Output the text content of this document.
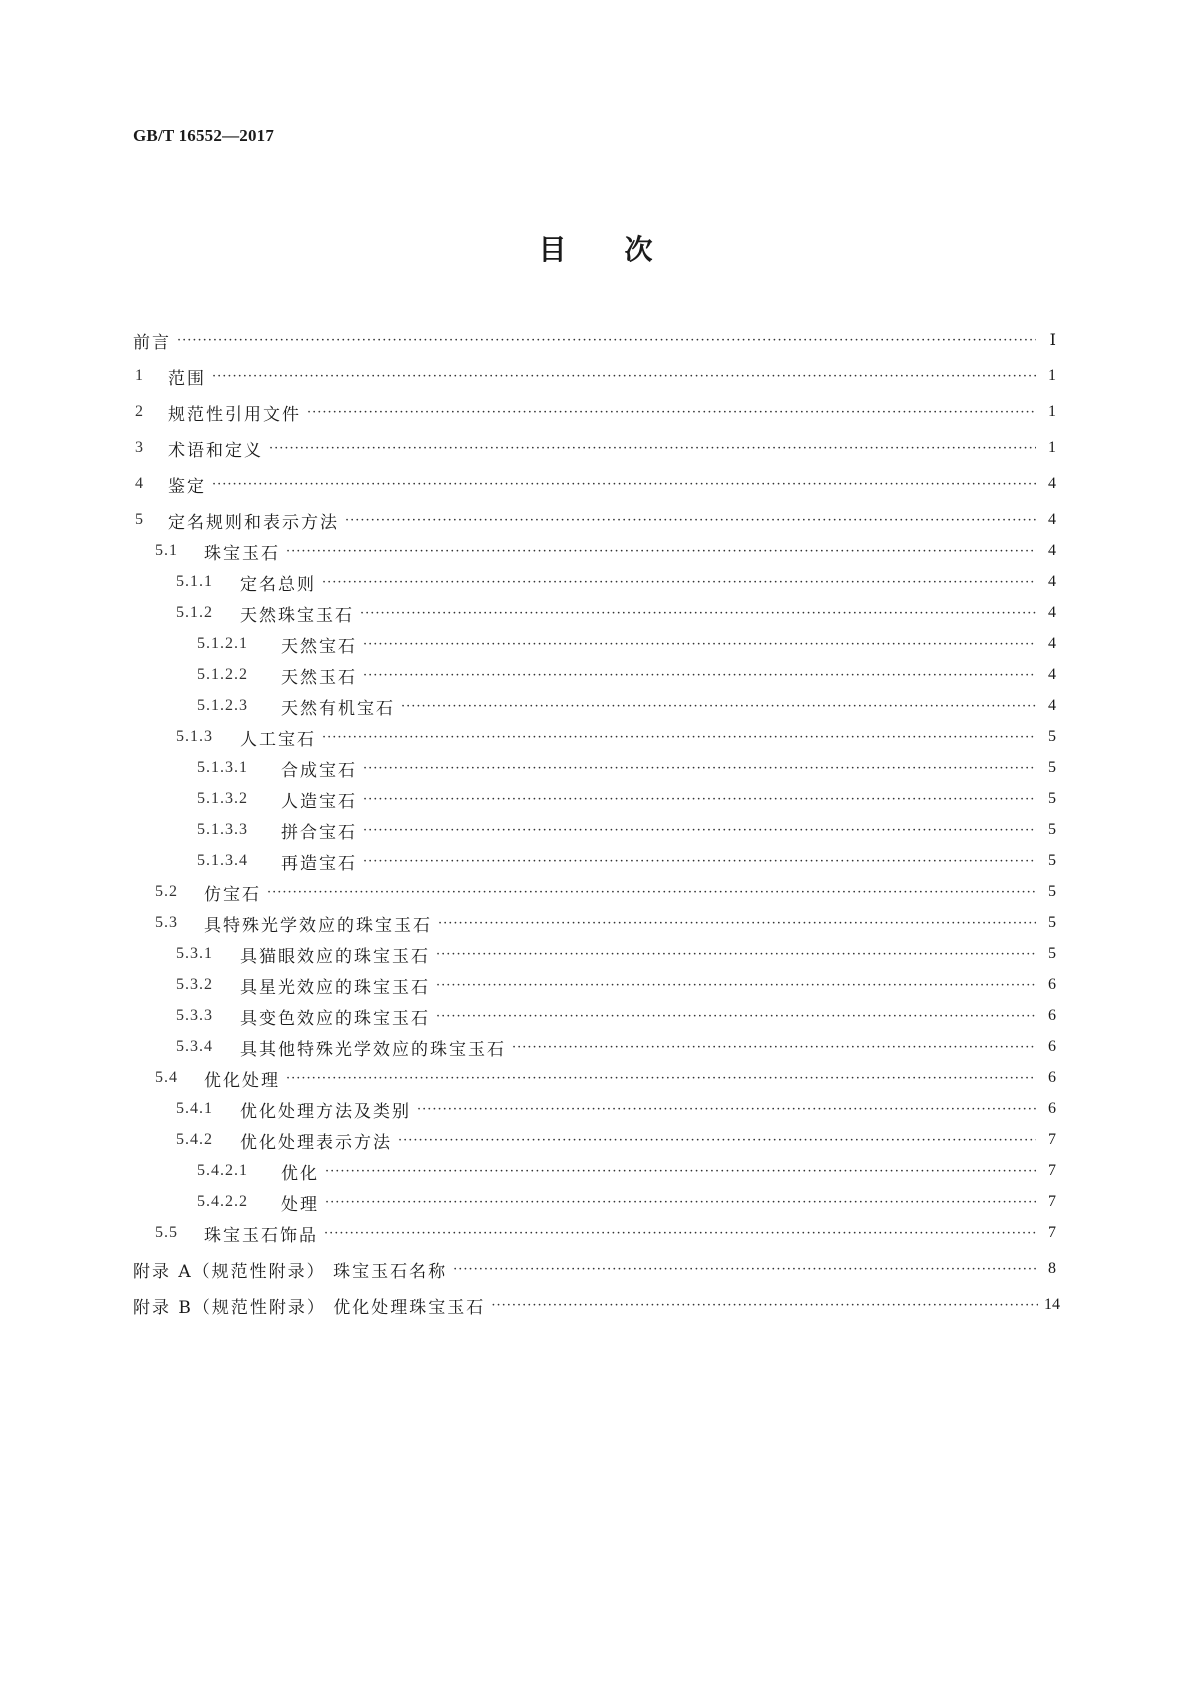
GB/T 16552—2017
目次
前言 ·····	Ⅰ
1	范围 ·····	1
2	规范性引用文件 ·····	1
3	术语和定义 ·····	1
4	鉴定 ·····	4
5	定名规则和表示方法 ·····	4
5.1	珠宝玉石 ·····	4
5.1.1	定名总则 ·····	4
5.1.2	天然珠宝玉石 ·····	4
5.1.2.1	天然宝石 ·····	4
5.1.2.2	天然玉石 ·····	4
5.1.2.3	天然有机宝石 ·····	4
5.1.3	人工宝石 ·····	5
5.1.3.1	合成宝石 ·····	5
5.1.3.2	人造宝石 ·····	5
5.1.3.3	拼合宝石 ·····	5
5.1.3.4	再造宝石 ·····	5
5.2	仿宝石 ·····	5
5.3	具特殊光学效应的珠宝玉石 ·····	5
5.3.1	具猫眼效应的珠宝玉石 ·····	5
5.3.2	具星光效应的珠宝玉石 ·····	6
5.3.3	具变色效应的珠宝玉石 ·····	6
5.3.4	具其他特殊光学效应的珠宝玉石 ·····	6
5.4	优化处理 ·····	6
5.4.1	优化处理方法及类别 ·····	6
5.4.2	优化处理表示方法 ·····	7
5.4.2.1	优化 ·····	7
5.4.2.2	处理 ·····	7
5.5	珠宝玉石饰品 ·····	7
附录 A（规范性附录） 珠宝玉石名称 ·····	8
附录 B（规范性附录） 优化处理珠宝玉石 ·····	14
